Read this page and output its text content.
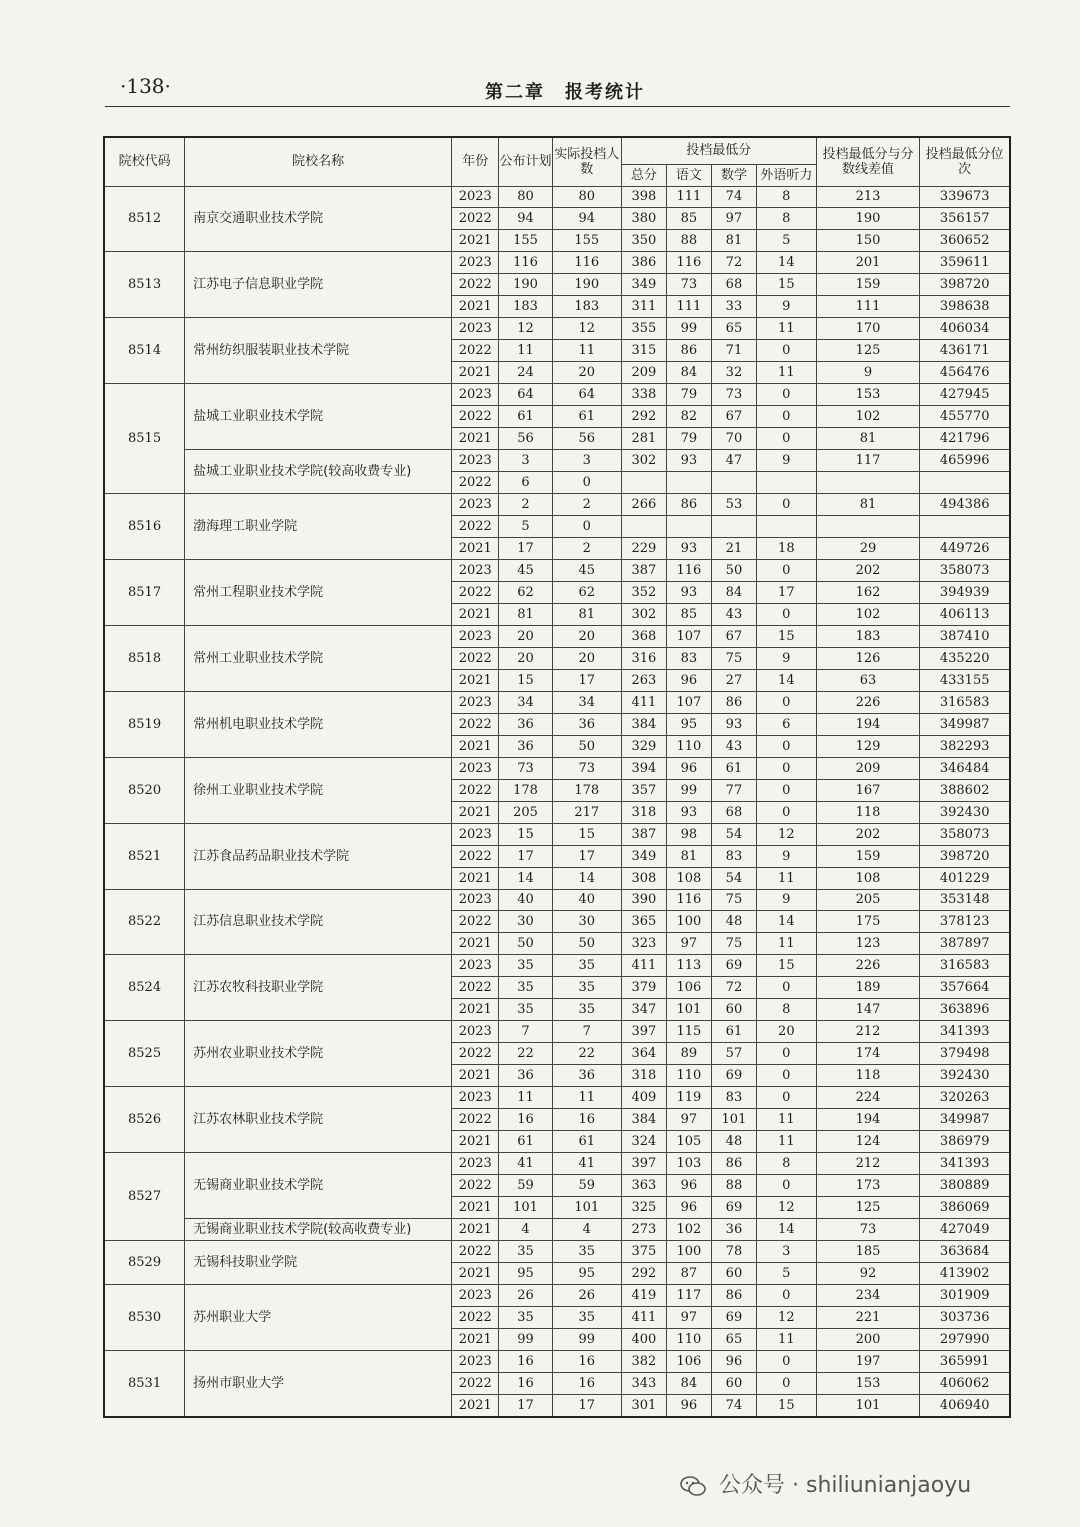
·138·	第二章　报考统计
院校代码	院校名称	年份	公布计划	实际投档人数	投档最低分				投档最低分与分数线差值	投档最低分位次
					总分	语文	数学	外语听力		
8512	南京交通职业技术学院	2023	80	80	398	111	74	8	213	339673
		2022	94	94	380	85	97	8	190	356157
		2021	155	155	350	88	81	5	150	360652
8513	江苏电子信息职业学院	2023	116	116	386	116	72	14	201	359611
		2022	190	190	349	73	68	15	159	398720
		2021	183	183	311	111	33	9	111	398638
8514	常州纺织服装职业技术学院	2023	12	12	355	99	65	11	170	406034
		2022	11	11	315	86	71	0	125	436171
		2021	24	20	209	84	32	11	9	456476
8515	盐城工业职业技术学院	2023	64	64	338	79	73	0	153	427945
		2022	61	61	292	82	67	0	102	455770
		2021	56	56	281	79	70	0	81	421796
	盐城工业职业技术学院(较高收费专业)	2023	3	3	302	93	47	9	117	465996
		2022	6	0						
8516	渤海理工职业学院	2023	2	2	266	86	53	0	81	494386
		2022	5	0						
		2021	17	2	229	93	21	18	29	449726
8517	常州工程职业技术学院	2023	45	45	387	116	50	0	202	358073
		2022	62	62	352	93	84	17	162	394939
		2021	81	81	302	85	43	0	102	406113
8518	常州工业职业技术学院	2023	20	20	368	107	67	15	183	387410
		2022	20	20	316	83	75	9	126	435220
		2021	15	17	263	96	27	14	63	433155
8519	常州机电职业技术学院	2023	34	34	411	107	86	0	226	316583
		2022	36	36	384	95	93	6	194	349987
		2021	36	50	329	110	43	0	129	382293
8520	徐州工业职业技术学院	2023	73	73	394	96	61	0	209	346484
		2022	178	178	357	99	77	0	167	388602
		2021	205	217	318	93	68	0	118	392430
8521	江苏食品药品职业技术学院	2023	15	15	387	98	54	12	202	358073
		2022	17	17	349	81	83	9	159	398720
		2021	14	14	308	108	54	11	108	401229
8522	江苏信息职业技术学院	2023	40	40	390	116	75	9	205	353148
		2022	30	30	365	100	48	14	175	378123
		2021	50	50	323	97	75	11	123	387897
8524	江苏农牧科技职业学院	2023	35	35	411	113	69	15	226	316583
		2022	35	35	379	106	72	0	189	357664
		2021	35	35	347	101	60	8	147	363896
8525	苏州农业职业技术学院	2023	7	7	397	115	61	20	212	341393
		2022	22	22	364	89	57	0	174	379498
		2021	36	36	318	110	69	0	118	392430
8526	江苏农林职业技术学院	2023	11	11	409	119	83	0	224	320263
		2022	16	16	384	97	101	11	194	349987
		2021	61	61	324	105	48	11	124	386979
8527	无锡商业职业技术学院	2023	41	41	397	103	86	8	212	341393
		2022	59	59	363	96	88	0	173	380889
		2021	101	101	325	96	69	12	125	386069
	无锡商业职业技术学院(较高收费专业)	2021	4	4	273	102	36	14	73	427049
8529	无锡科技职业学院	2022	35	35	375	100	78	3	185	363684
		2021	95	95	292	87	60	5	92	413902
8530	苏州职业大学	2023	26	26	419	117	86	0	234	301909
		2022	35	35	411	97	69	12	221	303736
		2021	99	99	400	110	65	11	200	297990
8531	扬州市职业大学	2023	16	16	382	106	96	0	197	365991
		2022	16	16	343	84	60	0	153	406062
		2021	17	17	301	96	74	15	101	406940
公众号 · shiliunianjaoyu
